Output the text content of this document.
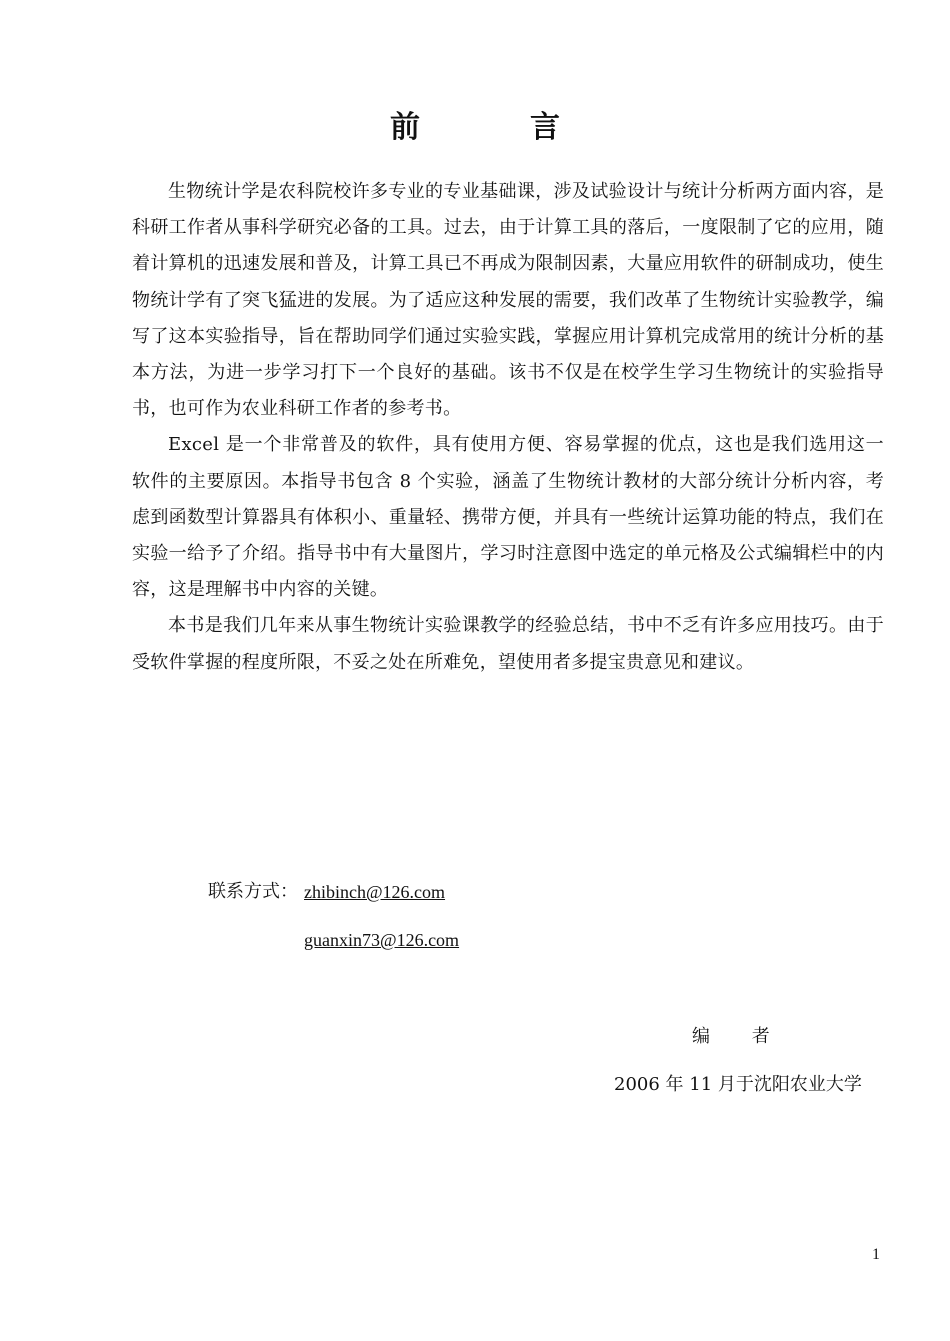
前　言

生物统计学是农科院校许多专业的专业基础课，涉及试验设计与统计分析两方面内容，是科研工作者从事科学研究必备的工具。过去，由于计算工具的落后，一度限制了它的应用，随着计算机的迅速发展和普及，计算工具已不再成为限制因素，大量应用软件的研制成功，使生物统计学有了突飞猛进的发展。为了适应这种发展的需要，我们改革了生物统计实验教学，编写了这本实验指导，旨在帮助同学们通过实验实践，掌握应用计算机完成常用的统计分析的基本方法，为进一步学习打下一个良好的基础。该书不仅是在校学生学习生物统计的实验指导书，也可作为农业科研工作者的参考书。

Excel 是一个非常普及的软件，具有使用方便、容易掌握的优点，这也是我们选用这一软件的主要原因。本指导书包含 8 个实验，涵盖了生物统计教材的大部分统计分析内容，考虑到函数型计算器具有体积小、重量轻、携带方便，并具有一些统计运算功能的特点，我们在实验一给予了介绍。指导书中有大量图片，学习时注意图中选定的单元格及公式编辑栏中的内容，这是理解书中内容的关键。

本书是我们几年来从事生物统计实验课教学的经验总结，书中不乏有许多应用技巧。由于受软件掌握的程度所限，不妥之处在所难免，望使用者多提宝贵意见和建议。

联系方式： zhibinch@126.com
guanxin73@126.com
编 者
2006 年 11 月于沈阳农业大学
1
